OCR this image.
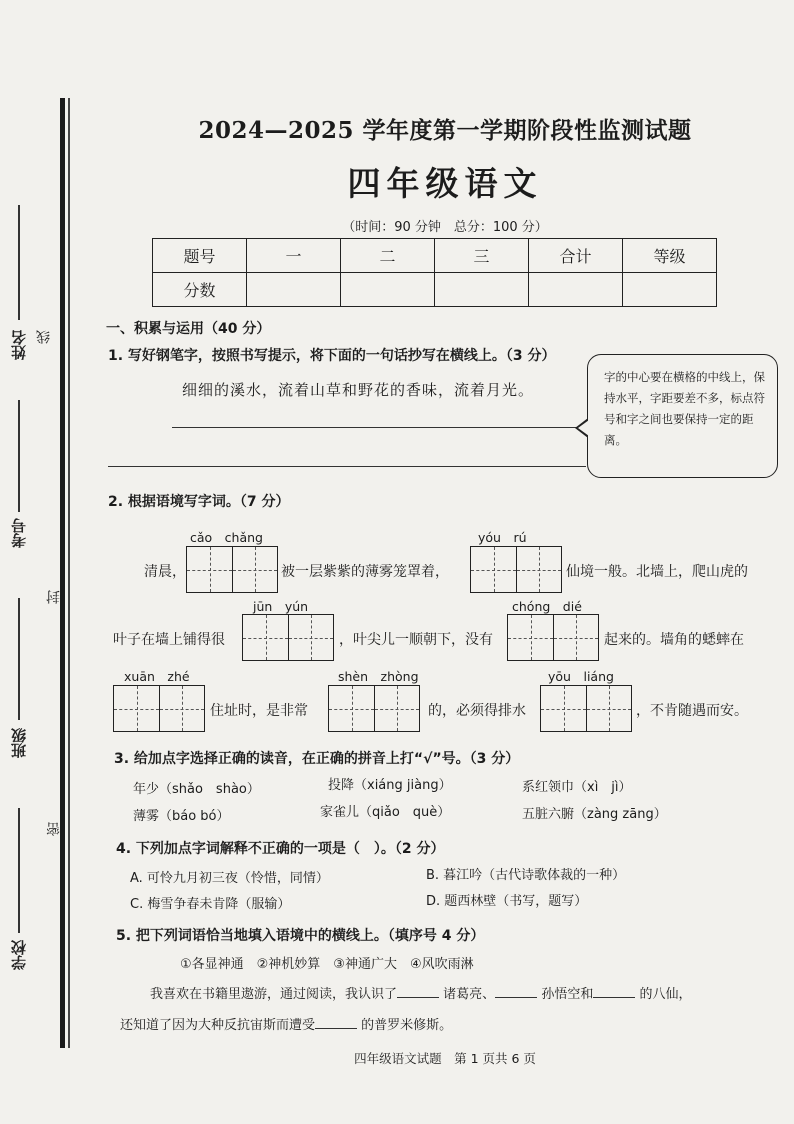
姓名
考号
班级
学校
线
封
密
2024—2025 学年度第一学期阶段性监测试题
四年级语文
（时间：90 分钟　总分：100 分）
题号	一	二	三	合计	等级
分数					
一、积累与运用（40 分）
1. 写好钢笔字，按照书写提示，将下面的一句话抄写在横线上。（3 分）
细细的溪水，流着山草和野花的香味，流着月光。
字的中心要在横格的中线上，保持水平，字距要差不多，标点符号和字之间也要保持一定的距离。
2. 根据语境写字词。（7 分）
cǎo　chǎng	yóu　rú
清晨，	被一层紫紫的薄雾笼罩着，	仙境一般。北墙上，爬山虎的
jūn　yún	chóng　dié
叶子在墙上铺得很	，叶尖儿一顺朝下，没有	起来的。墙角的蟋蟀在
xuān　zhé	shèn　zhòng	yōu　liáng
住址时，是非常	的，必须得排水	，不肯随遇而安。
3. 给加点字选择正确的读音，在正确的拼音上打“√”号。（3 分）
年少（shǎo　shào）	投降（xiáng jiàng）	系红领巾（xì　jì）
薄雾（báo bó）	家雀儿（qiǎo　què）	五脏六腑（zàng zāng）
4. 下列加点字词解释不正确的一项是（　）。（2 分）
A. 可怜九月初三夜（怜惜，同情）	B. 暮江吟（古代诗歌体裁的一种）
C. 梅雪争春未肯降（服输）	D. 题西林壁（书写，题写）
5. 把下列词语恰当地填入语境中的横线上。（填序号 4 分）
①各显神通　②神机妙算　③神通广大　④风吹雨淋
我喜欢在书籍里遨游，通过阅读，我认识了	诸葛亮、	孙悟空和	的八仙，
还知道了因为大种反抗宙斯而遭受	的普罗米修斯。
四年级语文试题　第 1 页共 6 页
